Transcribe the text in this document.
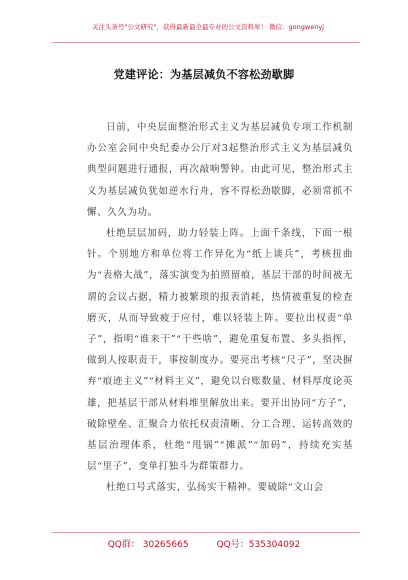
关注头条号"公文研究"，获得最新最全最专业的公文资料库！ 微信：gongwenyj
党建评论：为基层减负不容松劲歇脚

日前，中央层面整治形式主义为基层减负专项工作机制办公室会同中央纪委办公厅对3起整治形式主义为基层减负典型问题进行通报，再次敲响警钟。由此可见，整治形式主义为基层减负犹如逆水行舟，容不得松劲歇脚，必须常抓不懈、久久为功。

杜绝层层加码，助力轻装上阵。上面千条线，下面一根针。个别地方和单位将工作异化为“纸上谈兵”，考核扭曲为“表格大战”，落实演变为拍照留痕，基层干部的时间被无谓的会议占据，精力被繁琐的报表消耗，热情被重复的检查磨灭，从而导致疲于应付，难以轻装上阵。要拉出权责“单子”，指明“谁来干”“干些啥”，避免重复布置、多头指挥，做到人按职责干，事按制度办。要亮出考核“尺子”，坚决摒弃“痕迹主义”“材料主义”，避免以台账数量、材料厚度论英雄，把基层干部从材料堆里解放出来。要开出协同“方子”，破除壁垒、汇聚合力依托权责清晰、分工合理、运转高效的基层治理体系，杜绝“甩锅”“摊派”“加码”，持续充实基层“里子”，变单打独斗为群策群力。

杜绝口号式落实，弘扬实干精神。要破除“文山会

QQ群： 30265665	QQ号：535304092
